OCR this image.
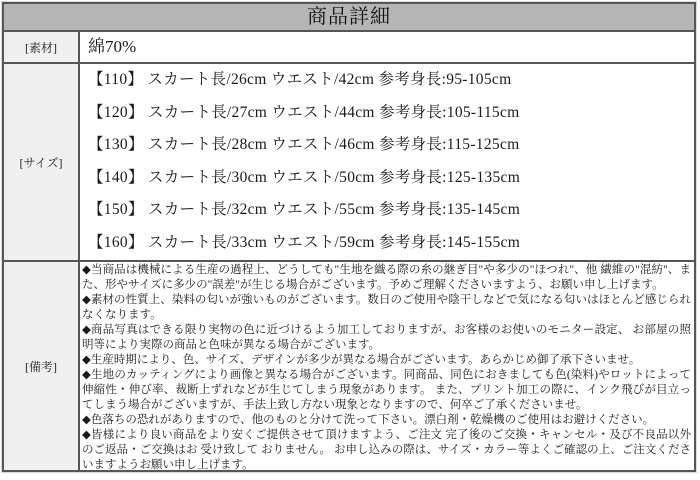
商品詳細
[素材]	綿70%
[サイズ]
【110】 スカート長/26cm ウエスト/42cm 参考身長:95-105cm
【120】 スカート長/27cm ウエスト/44cm 参考身長:105-115cm
【130】 スカート長/28cm ウエスト/46cm 参考身長:115-125cm
【140】 スカート長/30cm ウエスト/50cm 参考身長:125-135cm
【150】 スカート長/32cm ウエスト/55cm 参考身長:135-145cm
【160】 スカート長/33cm ウエスト/59cm 参考身長:145-155cm
[備考]

◆当商品は機械による生産の過程上、どうしても"生地を織る際の糸の継ぎ目"や多少の"ほつれ"、他 繊維の"混紡"、また、形やサイズに多少の"誤差"が生じる場合がございます。予めご理解くださいますよう、お願い申し上げます。

◆素材の性質上、染料の匂いが強いものがございます。数日のご使用や陰干しなどで気になる匂いはほとんど感じられなくなります。

◆商品写真はできる限り実物の色に近づけるよう加工しておりますが、お客様のお使いのモニター設定、 お部屋の照明等により実際の商品と色味が異なる場合がございます。

◆生産時期により、色、サイズ、デザインが多少が異なる場合がございます。あらかじめ御了承下さいませ。

◆生地のカッティングにより画像と異なる場合がございます。同商品、同色におきましても色(染料)やロットによって伸縮性・伸び率、裁断上ずれなどが生じてしまう現象があります。 また、プリント加工の際に、インク飛びが目立ってしまう場合がございますが、手法上致し方ない現象となりますので、何卒ご了承くださいませ。

◆色落ちの恐れがありますので、他のものと分けて洗って下さい。漂白剤・乾燥機のご使用はお避けください。

◆皆様により良い商品をより安くご提供させて頂けますよう、ご注文 完了後のご交換・キャンセル・及び不良品以外のご返品・ご交換はお 受け致して おりません。 お申し込みの際は、サイズ・カラー等よくご確認の上、ご注文くださいますようお願い申し上げます。
